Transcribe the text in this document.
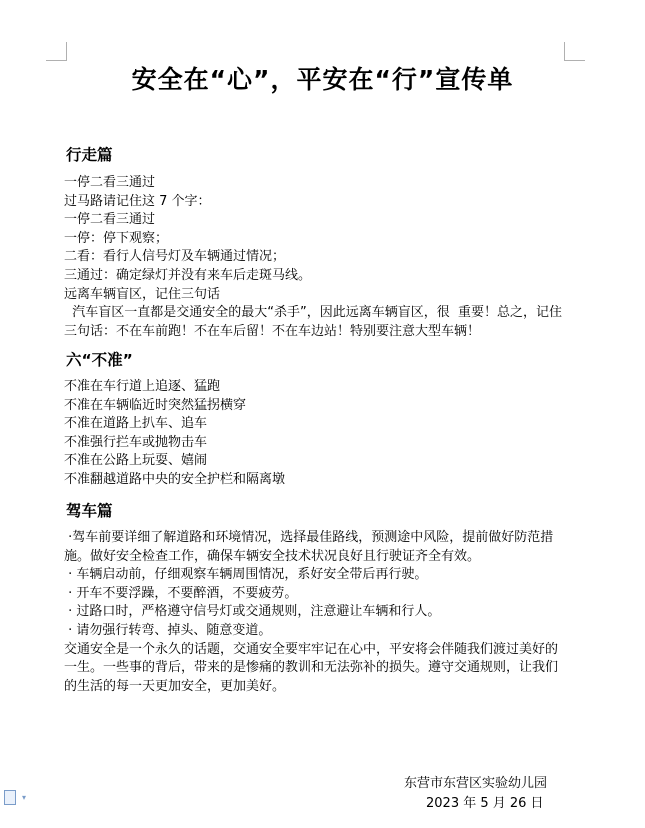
安全在“心”，平安在“行”宣传单
行走篇
一停二看三通过
过马路请记住这 7 个字：
一停二看三通过
一停：停下观察；
二看：看行人信号灯及车辆通过情况；
三通过：确定绿灯并没有来车后走斑马线。
远离车辆盲区，记住三句话
汽车盲区一直都是交通安全的最大“杀手”，因此远离车辆盲区，很  重要！总之，记住三句话：不在车前跑！不在车后留！不在车边站！特别要注意大型车辆！
六“不准”
不准在车行道上追逐、猛跑
不准在车辆临近时突然猛拐横穿
不准在道路上扒车、追车
不准强行拦车或抛物击车
不准在公路上玩耍、嬉闹
不准翻越道路中央的安全护栏和隔离墩
驾车篇
·驾车前要详细了解道路和环境情况，选择最佳路线，预测途中风险，提前做好防范措施。做好安全检查工作，确保车辆安全技术状况良好且行驶证齐全有效。
· 车辆启动前，仔细观察车辆周围情况，系好安全带后再行驶。
· 开车不要浮躁，不要醉酒，不要疲劳。
· 过路口时，严格遵守信号灯或交通规则，注意避让车辆和行人。
· 请勿强行转弯、掉头、随意变道。
交通安全是一个永久的话题，交通安全要牢牢记在心中，平安将会伴随我们渡过美好的一生。一些事的背后，带来的是惨痛的教训和无法弥补的损失。遵守交通规则，让我们的生活的每一天更加安全，更加美好。
东营市东营区实验幼儿园
2023 年 5 月 26 日
▾
